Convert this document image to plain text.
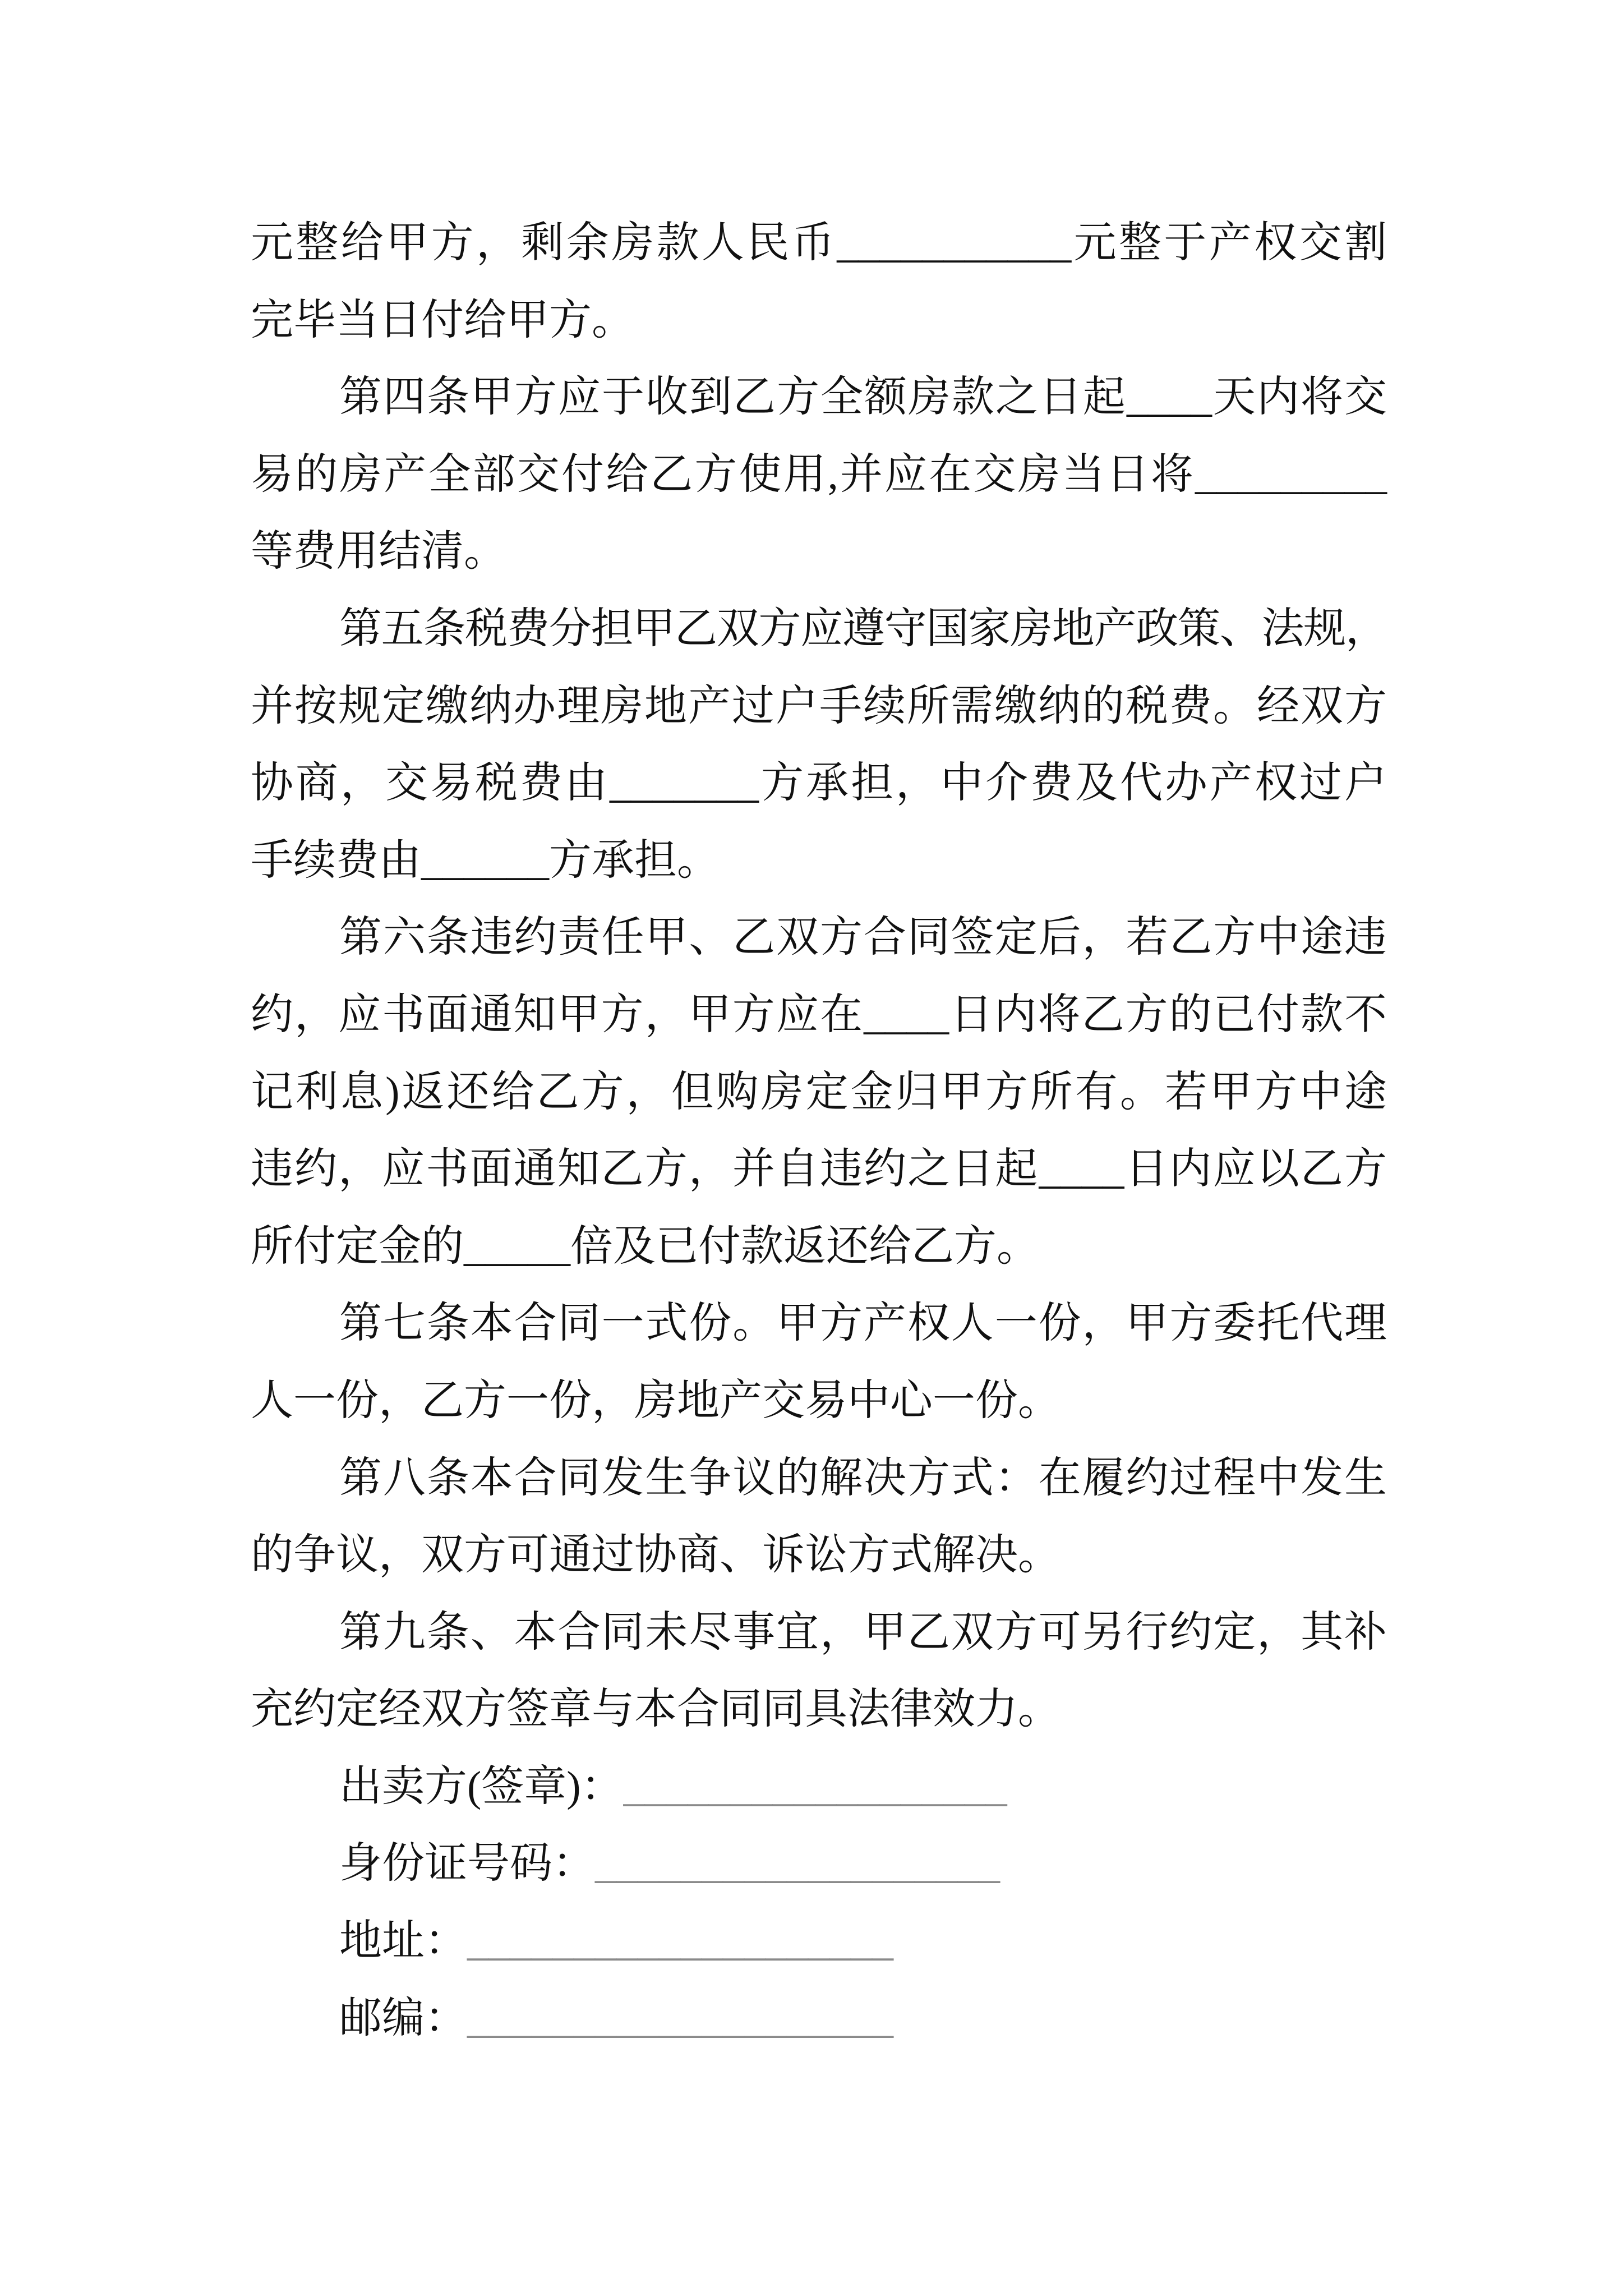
元整给甲方，剩余房款人民币___________元整于产权交割
完毕当日付给甲方。
第四条甲方应于收到乙方全额房款之日起____天内将交
易的房产全部交付给乙方使用,并应在交房当日将_________
等费用结清。
第五条税费分担甲乙双方应遵守国家房地产政策、法规，
并按规定缴纳办理房地产过户手续所需缴纳的税费。经双方
协商，交易税费由_______方承担，中介费及代办产权过户
手续费由______方承担。
第六条违约责任甲、乙双方合同签定后，若乙方中途违
约，应书面通知甲方，甲方应在____日内将乙方的已付款不
记利息)返还给乙方，但购房定金归甲方所有。若甲方中途
违约，应书面通知乙方，并自违约之日起____日内应以乙方
所付定金的_____倍及已付款返还给乙方。
第七条本合同一式份。甲方产权人一份，甲方委托代理
人一份，乙方一份，房地产交易中心一份。
第八条本合同发生争议的解决方式：在履约过程中发生
的争议，双方可通过协商、诉讼方式解决。
第九条、本合同未尽事宜，甲乙双方可另行约定，其补
充约定经双方签章与本合同同具法律效力。
出卖方(签章)：__________________
身份证号码：___________________
地址：____________________
邮编：____________________
